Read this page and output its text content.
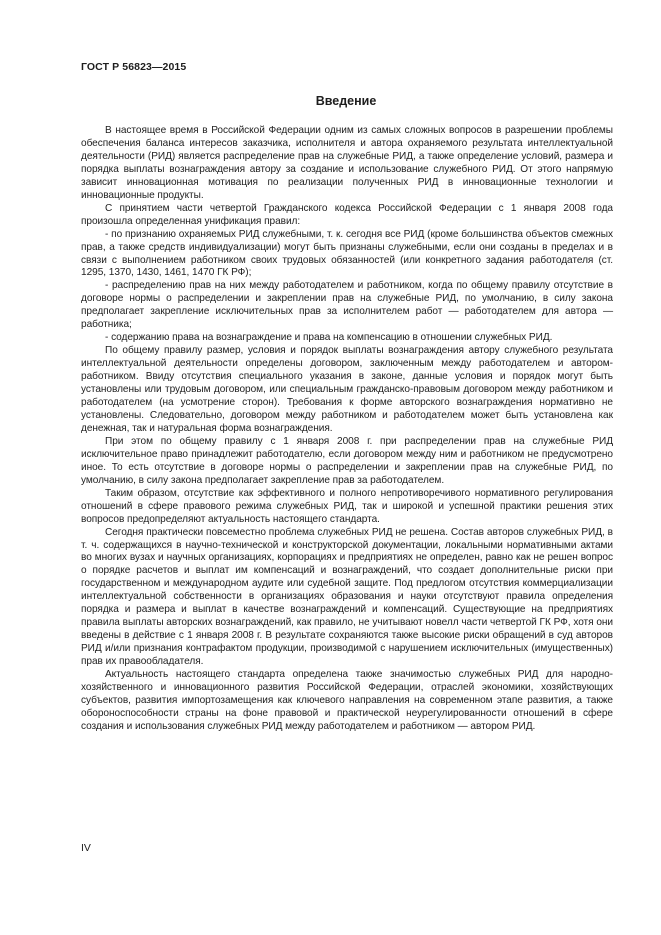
ГОСТ Р 56823—2015
Введение

В настоящее время в Российской Федерации одним из самых сложных вопросов в разрешении проблемы обеспечения баланса интересов заказчика, исполнителя и автора охраняемого результата интеллектуальной деятельности (РИД) является распределение прав на служебные РИД, а также определение условий, размера и порядка выплаты вознаграждения автору за создание и использование служебного РИД. От этого напрямую зависит инновационная мотивация по реализации полученных РИД в инновационные технологии и инновационные продукты.

С принятием части четвертой Гражданского кодекса Российской Федерации с 1 января 2008 года произошла определенная унификация правил:

- по признанию охраняемых РИД служебными, т. к. сегодня все РИД (кроме большинства объектов смежных прав, а также средств индивидуализации) могут быть признаны служебными, если они созданы в пределах и в связи с выполнением работником своих трудовых обязанностей (или конкретного задания работодателя (ст. 1295, 1370, 1430, 1461, 1470 ГК РФ);

- распределению прав на них между работодателем и работником, когда по общему правилу отсутствие в договоре нормы о распределении и закреплении прав на служебные РИД, по умолчанию, в силу закона предполагает закрепление исключительных прав за исполнителем работ — работодателем для автора — работника;

- содержанию права на вознаграждение и права на компенсацию в отношении служебных РИД.

По общему правилу размер, условия и порядок выплаты вознаграждения автору служебного результата интеллектуальной деятельности определены договором, заключенным между работодателем и автором-работником. Ввиду отсутствия специального указания в законе, данные условия и порядок могут быть установлены или трудовым договором, или специальным гражданско-правовым договором между работником и работодателем (на усмотрение сторон). Требования к форме авторского вознаграждения нормативно не установлены. Следовательно, договором между работником и работодателем может быть установлена как денежная, так и натуральная форма вознаграждения.

При этом по общему правилу с 1 января 2008 г. при распределении прав на служебные РИД исключительное право принадлежит работодателю, если договором между ним и работником не предусмотрено иное. То есть отсутствие в договоре нормы о распределении и закреплении прав на служебные РИД, по умолчанию, в силу закона предполагает закрепление прав за работодателем.

Таким образом, отсутствие как эффективного и полного непротиворечивого нормативного регулирования отношений в сфере правового режима служебных РИД, так и широкой и успешной практики решения этих вопросов предопределяют актуальность настоящего стандарта.

Сегодня практически повсеместно проблема служебных РИД не решена. Состав авторов служебных РИД, в т. ч. содержащихся в научно-технической и конструкторской документации, локальными нормативными актами во многих вузах и научных организациях, корпорациях и предприятиях не определен, равно как не решен вопрос о порядке расчетов и выплат им компенсаций и вознаграждений, что создает дополнительные риски при государственном и международном аудите или судебной защите. Под предлогом отсутствия коммерциализации интеллектуальной собственности в организациях образования и науки отсутствуют правила определения порядка и размера и выплат в качестве вознаграждений и компенсаций. Существующие на предприятиях правила выплаты авторских вознаграждений, как правило, не учитывают новелл части четвертой ГК РФ, хотя они введены в действие с 1 января 2008 г. В результате сохраняются также высокие риски обращений в суд авторов РИД и/или признания контрафактом продукции, производимой с нарушением исключительных (имущественных) прав их правообладателя.

Актуальность настоящего стандарта определена также значимостью служебных РИД для народно-хозяйственного и инновационного развития Российской Федерации, отраслей экономики, хозяйствующих субъектов, развития импортозамещения как ключевого направления на современном этапе развития, а также обороноспособности страны на фоне правовой и практической неурегулированности отношений в сфере создания и использования служебных РИД между работодателем и работником — автором РИД.

IV
